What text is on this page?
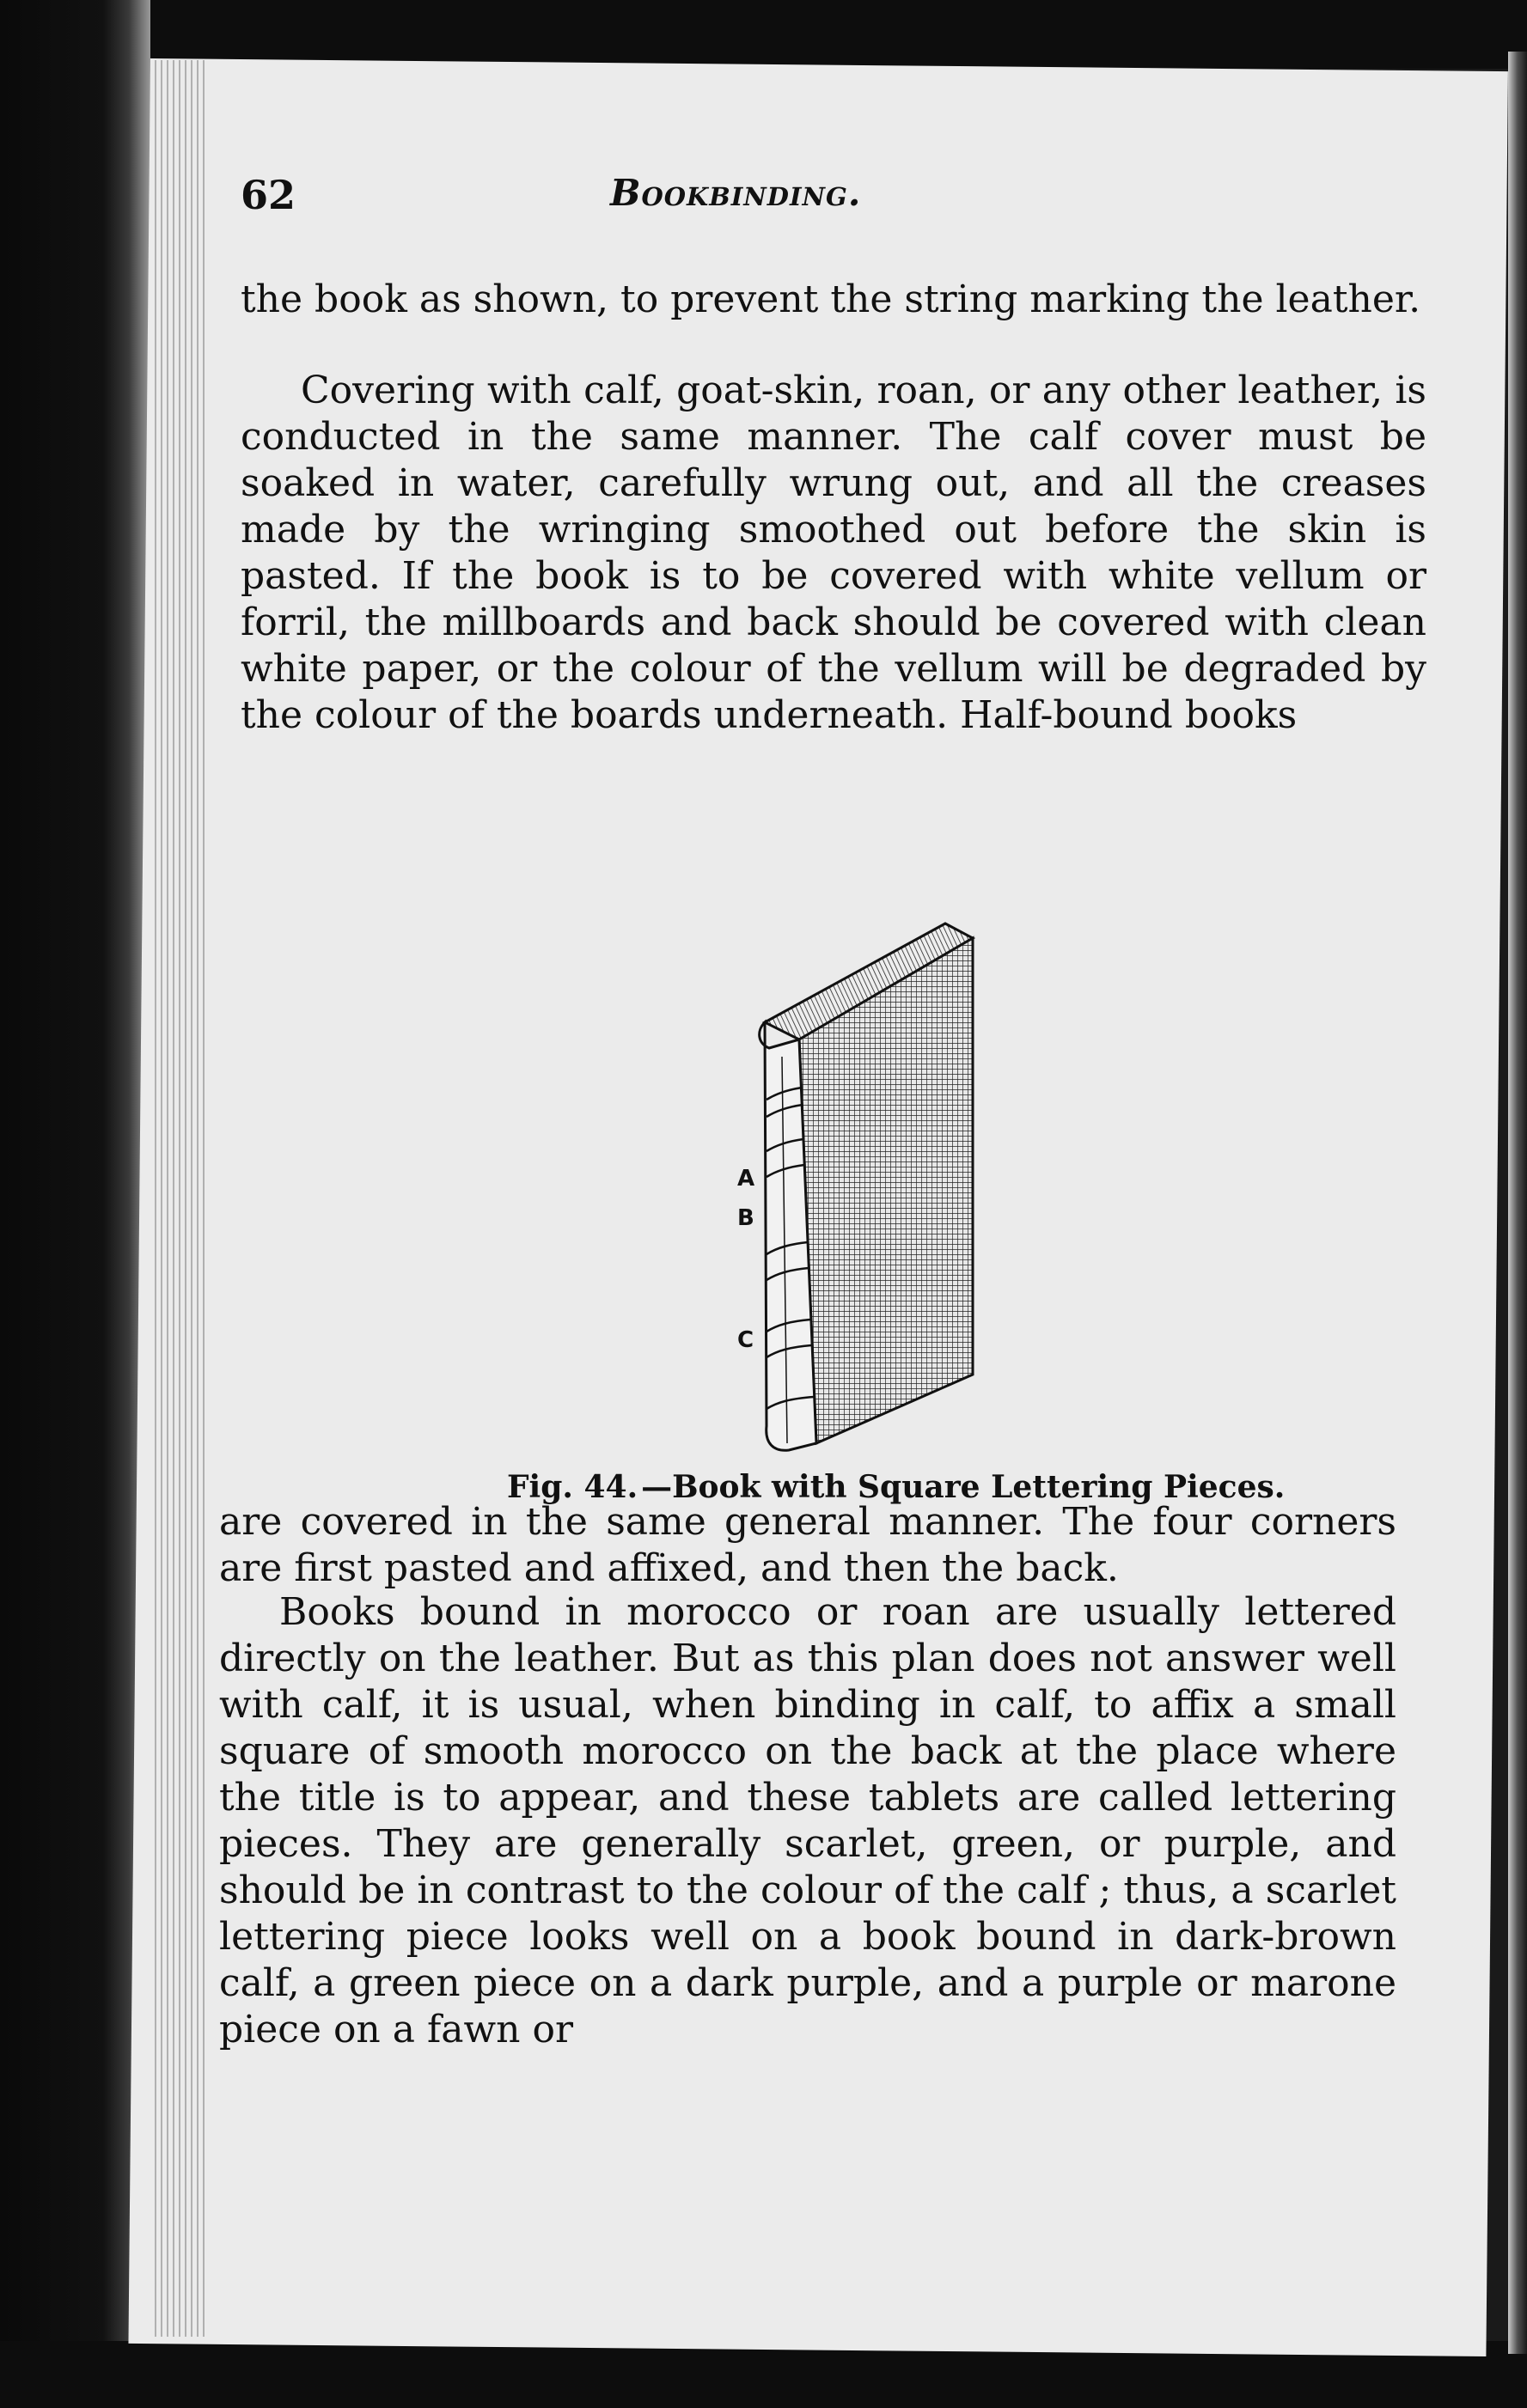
62	Bookbinding.
the book as shown, to prevent the string marking the leather.
Covering with calf, goat-skin, roan, or any other leather, is conducted in the same manner. The calf cover must be soaked in water, carefully wrung out, and all the creases made by the wringing smoothed out before the skin is pasted. If the book is to be covered with white vellum or forril, the millboards and back should be covered with clean white paper, or the colour of the vellum will be degraded by the colour of the boards underneath. Half-bound books
A
B
C
Fig. 44. —Book with Square Lettering Pieces.
are covered in the same general manner. The four corners are first pasted and affixed, and then the back.
Books bound in morocco or roan are usually lettered directly on the leather. But as this plan does not answer well with calf, it is usual, when binding in calf, to affix a small square of smooth morocco on the back at the place where the title is to appear, and these tablets are called lettering pieces. They are generally scarlet, green, or purple, and should be in contrast to the colour of the calf ; thus, a scarlet lettering piece looks well on a book bound in dark-brown calf, a green piece on a dark purple, and a purple or marone piece on a fawn or
